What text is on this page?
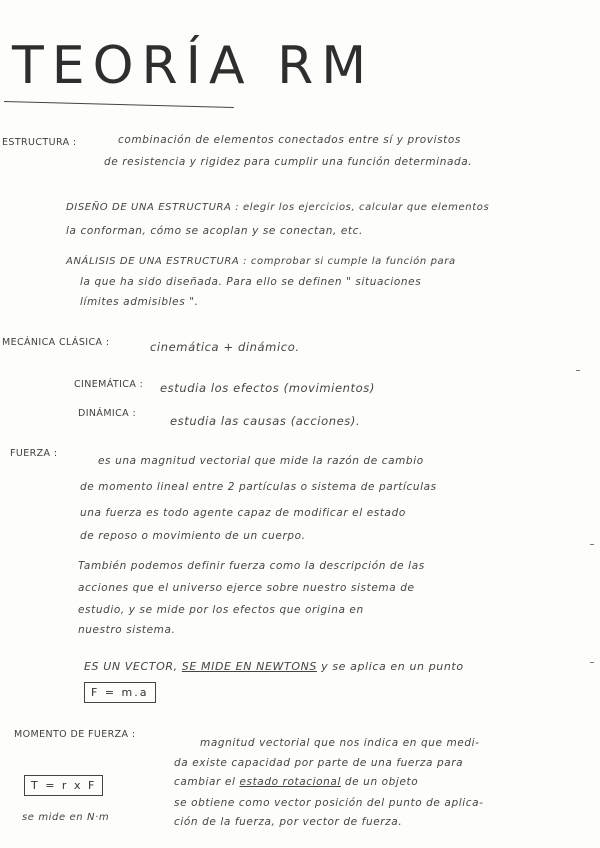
TEORÍA RM
ESTRUCTURA :	combinación de elementos conectados entre sí y provistos
de resistencia y rigidez para cumplir una función determinada.
DISEÑO DE UNA ESTRUCTURA : elegir los ejercicios, calcular que elementos
la conforman, cómo se acoplan y se conectan, etc.
ANÁLISIS DE UNA ESTRUCTURA : comprobar si cumple la función para
la que ha sido diseñada. Para ello se definen " situaciones
límites admisibles ".
MECÁNICA CLÁSICA :	cinemática + dinámico.
CINEMÁTICA : estudia los efectos (movimientos)
DINÁMICA :
estudia las causas (acciones).
FUERZA :
es una magnitud vectorial que mide la razón de cambio
de momento lineal entre 2 partículas o sistema de partículas
una fuerza es todo agente capaz de modificar el estado
de reposo o movimiento de un cuerpo.
También podemos definir fuerza como la descripción de las
acciones que el universo ejerce sobre nuestro sistema de
estudio, y se mide por los efectos que origina en
nuestro sistema.
ES UN VECTOR, SE MIDE EN NEWTONS y se aplica en un punto
F = m.a
MOMENTO DE FUERZA :
magnitud vectorial que nos indica en que medi-
da existe capacidad por parte de una fuerza para
cambiar el estado rotacional de un objeto
se obtiene como vector posición del punto de aplica-
ción de la fuerza, por vector de fuerza.
T = r x F
se mide en N·m
